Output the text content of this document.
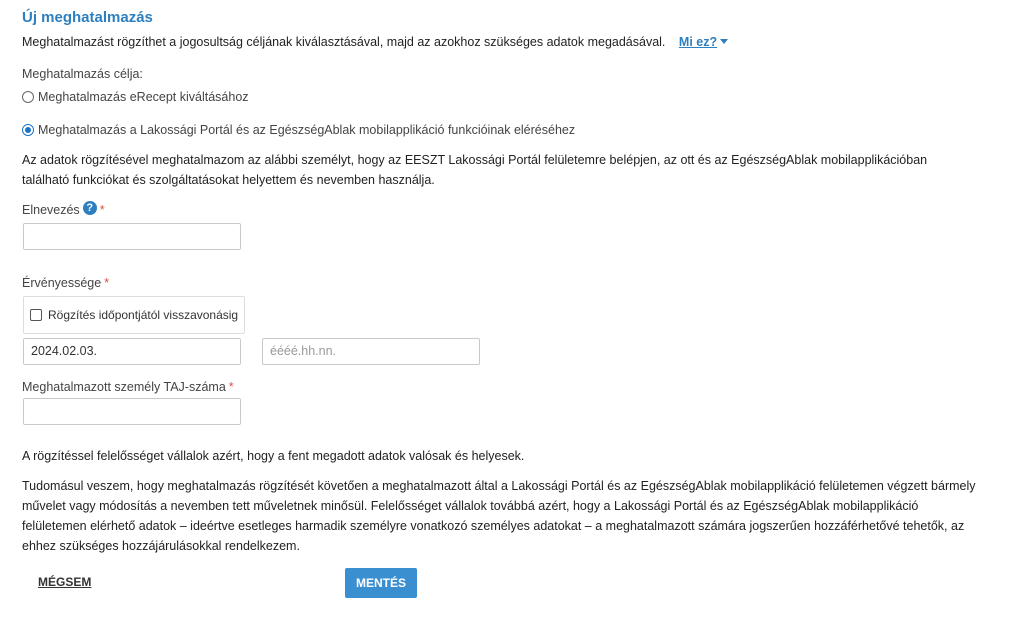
Új meghatalmazás
Meghatalmazást rögzíthet a jogosultság céljának kiválasztásával, majd az azokhoz szükséges adatok megadásával. Mi ez?
Meghatalmazás célja:
Meghatalmazás eRecept kiváltásához
Meghatalmazás a Lakossági Portál és az EgészségAblak mobilapplikáció funkcióinak eléréséhez
Az adatok rögzítésével meghatalmazom az alábbi személyt, hogy az EESZT Lakossági Portál felületemre belépjen, az ott és az EgészségAblak mobilapplikációban található funkciókat és szolgáltatásokat helyettem és nevemben használja.
Elnevezés ? *
Érvényessége *
Rögzítés időpontjától visszavonásig
2024.02.03.	éééé.hh.nn.
Meghatalmazott személy TAJ-száma *
A rögzítéssel felelősséget vállalok azért, hogy a fent megadott adatok valósak és helyesek.
Tudomásul veszem, hogy meghatalmazás rögzítését követően a meghatalmazott által a Lakossági Portál és az EgészségAblak mobilapplikáció felületemen végzett bármely művelet vagy módosítás a nevemben tett műveletnek minősül. Felelősséget vállalok továbbá azért, hogy a Lakossági Portál és az EgészségAblak mobilapplikáció felületemen elérhető adatok – ideértve esetleges harmadik személyre vonatkozó személyes adatokat – a meghatalmazott számára jogszerűen hozzáférhetővé tehetők, az ehhez szükséges hozzájárulásokkal rendelkezem.
MÉGSEM	MENTÉS
